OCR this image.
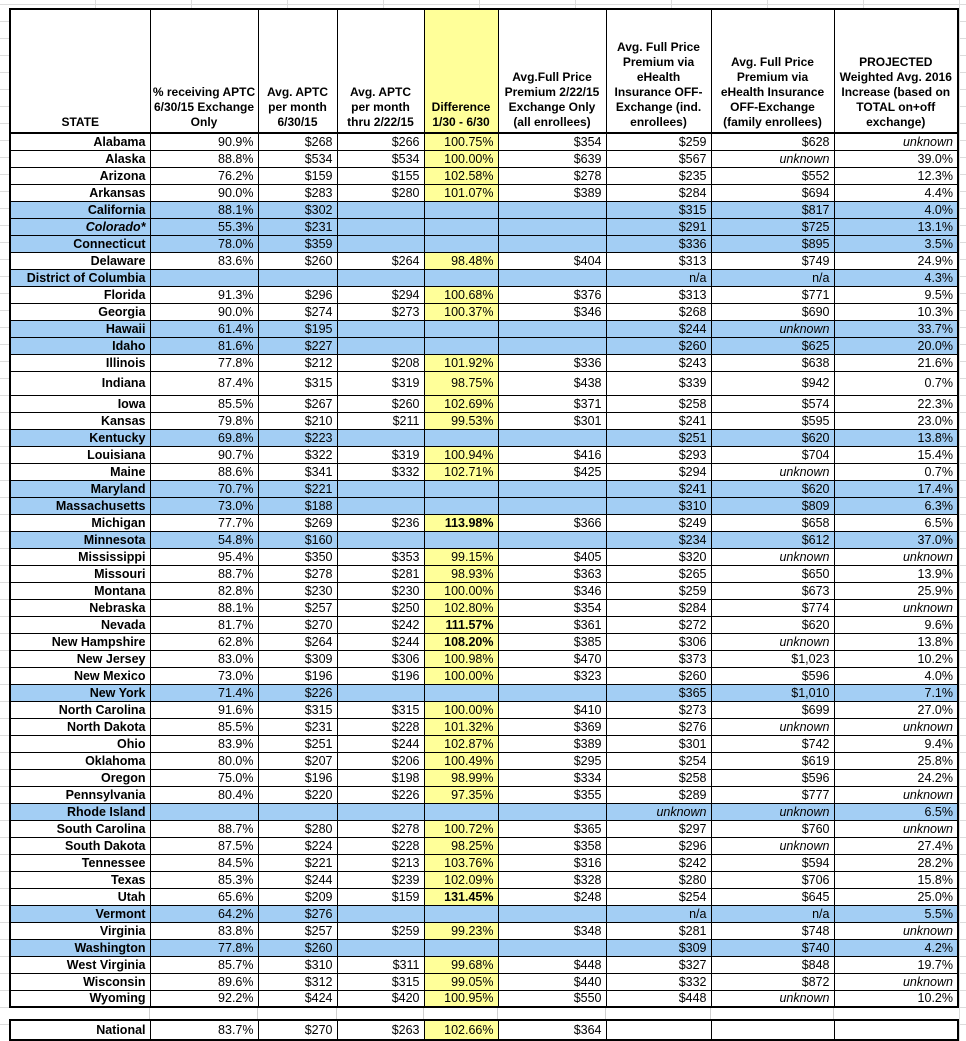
STATE	% receiving APTC 6/30/15 Exchange Only	Avg. APTC per month 6/30/15	Avg. APTC per month thru 2/22/15	Difference 1/30 - 6/30	Avg.Full Price Premium 2/22/15 Exchange Only (all enrollees)	Avg. Full Price Premium via eHealth Insurance OFF-Exchange (ind. enrollees)	Avg. Full Price Premium via eHealth Insurance OFF-Exchange (family enrollees)	PROJECTED Weighted Avg. 2016 Increase (based on TOTAL on+off exchange)
Alabama	90.9%	$268	$266	100.75%	$354	$259	$628	unknown
Alaska	88.8%	$534	$534	100.00%	$639	$567	unknown	39.0%
Arizona	76.2%	$159	$155	102.58%	$278	$235	$552	12.3%
Arkansas	90.0%	$283	$280	101.07%	$389	$284	$694	4.4%
California	88.1%	$302				$315	$817	4.0%
Colorado*	55.3%	$231				$291	$725	13.1%
Connecticut	78.0%	$359				$336	$895	3.5%
Delaware	83.6%	$260	$264	98.48%	$404	$313	$749	24.9%
District of Columbia						n/a	n/a	4.3%
Florida	91.3%	$296	$294	100.68%	$376	$313	$771	9.5%
Georgia	90.0%	$274	$273	100.37%	$346	$268	$690	10.3%
Hawaii	61.4%	$195				$244	unknown	33.7%
Idaho	81.6%	$227				$260	$625	20.0%
Illinois	77.8%	$212	$208	101.92%	$336	$243	$638	21.6%
Indiana	87.4%	$315	$319	98.75%	$438	$339	$942	0.7%
Iowa	85.5%	$267	$260	102.69%	$371	$258	$574	22.3%
Kansas	79.8%	$210	$211	99.53%	$301	$241	$595	23.0%
Kentucky	69.8%	$223				$251	$620	13.8%
Louisiana	90.7%	$322	$319	100.94%	$416	$293	$704	15.4%
Maine	88.6%	$341	$332	102.71%	$425	$294	unknown	0.7%
Maryland	70.7%	$221				$241	$620	17.4%
Massachusetts	73.0%	$188				$310	$809	6.3%
Michigan	77.7%	$269	$236	113.98%	$366	$249	$658	6.5%
Minnesota	54.8%	$160				$234	$612	37.0%
Mississippi	95.4%	$350	$353	99.15%	$405	$320	unknown	unknown
Missouri	88.7%	$278	$281	98.93%	$363	$265	$650	13.9%
Montana	82.8%	$230	$230	100.00%	$346	$259	$673	25.9%
Nebraska	88.1%	$257	$250	102.80%	$354	$284	$774	unknown
Nevada	81.7%	$270	$242	111.57%	$361	$272	$620	9.6%
New Hampshire	62.8%	$264	$244	108.20%	$385	$306	unknown	13.8%
New Jersey	83.0%	$309	$306	100.98%	$470	$373	$1,023	10.2%
New Mexico	73.0%	$196	$196	100.00%	$323	$260	$596	4.0%
New York	71.4%	$226				$365	$1,010	7.1%
North Carolina	91.6%	$315	$315	100.00%	$410	$273	$699	27.0%
North Dakota	85.5%	$231	$228	101.32%	$369	$276	unknown	unknown
Ohio	83.9%	$251	$244	102.87%	$389	$301	$742	9.4%
Oklahoma	80.0%	$207	$206	100.49%	$295	$254	$619	25.8%
Oregon	75.0%	$196	$198	98.99%	$334	$258	$596	24.2%
Pennsylvania	80.4%	$220	$226	97.35%	$355	$289	$777	unknown
Rhode Island						unknown	unknown	6.5%
South Carolina	88.7%	$280	$278	100.72%	$365	$297	$760	unknown
South Dakota	87.5%	$224	$228	98.25%	$358	$296	unknown	27.4%
Tennessee	84.5%	$221	$213	103.76%	$316	$242	$594	28.2%
Texas	85.3%	$244	$239	102.09%	$328	$280	$706	15.8%
Utah	65.6%	$209	$159	131.45%	$248	$254	$645	25.0%
Vermont	64.2%	$276				n/a	n/a	5.5%
Virginia	83.8%	$257	$259	99.23%	$348	$281	$748	unknown
Washington	77.8%	$260				$309	$740	4.2%
West Virginia	85.7%	$310	$311	99.68%	$448	$327	$848	19.7%
Wisconsin	89.6%	$312	$315	99.05%	$440	$332	$872	unknown
Wyoming	92.2%	$424	$420	100.95%	$550	$448	unknown	10.2%
National	83.7%	$270	$263	102.66%	$364			
